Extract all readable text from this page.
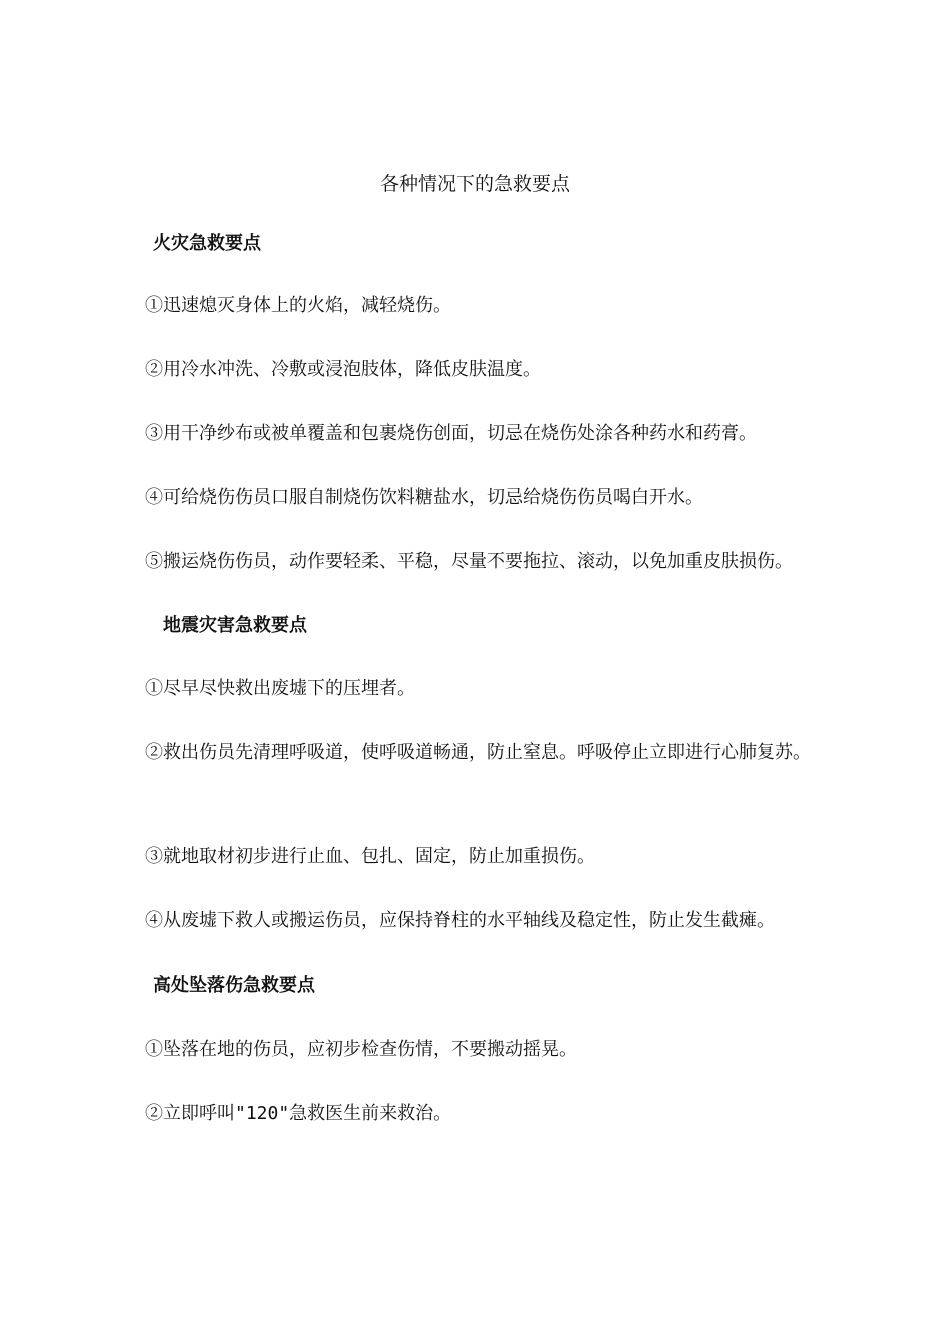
各种情况下的急救要点
火灾急救要点
①迅速熄灭身体上的火焰，减轻烧伤。
②用冷水冲洗、冷敷或浸泡肢体，降低皮肤温度。
③用干净纱布或被单覆盖和包裹烧伤创面，切忌在烧伤处涂各种药水和药膏。
④可给烧伤伤员口服自制烧伤饮料糖盐水，切忌给烧伤伤员喝白开水。
⑤搬运烧伤伤员，动作要轻柔、平稳，尽量不要拖拉、滚动，以免加重皮肤损伤。
地震灾害急救要点
①尽早尽快救出废墟下的压埋者。
②救出伤员先清理呼吸道，使呼吸道畅通，防止窒息。呼吸停止立即进行心肺复苏。
③就地取材初步进行止血、包扎、固定，防止加重损伤。
④从废墟下救人或搬运伤员，应保持脊柱的水平轴线及稳定性，防止发生截瘫。
高处坠落伤急救要点
①坠落在地的伤员，应初步检查伤情，不要搬动摇晃。
②立即呼叫"120"急救医生前来救治。
